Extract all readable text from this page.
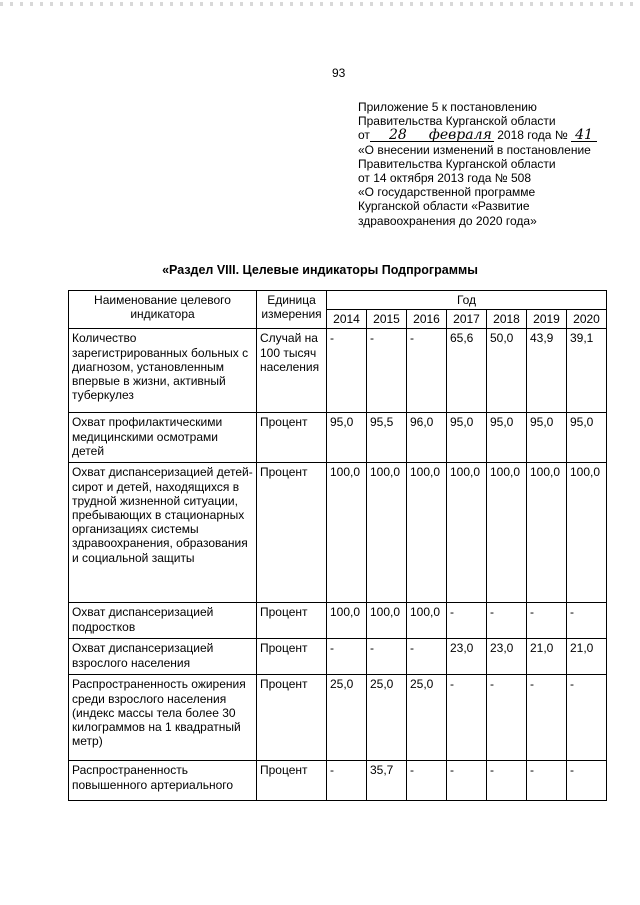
93
Приложение 5 к постановлению
Правительства Курганской области
от 28 февраля 2018 года № 41
«О внесении изменений в постановление
Правительства Курганской области
от 14 октября 2013 года № 508
«О государственной программе
Курганской области «Развитие
здравоохранения до 2020 года»
«Раздел VIII. Целевые индикаторы Подпрограммы
Наименование целевого индикатора	Единица измерения	Год						
		2014	2015	2016	2017	2018	2019	2020
Количество зарегистрированных больных с диагнозом, установленным впервые в жизни, активный туберкулез	Случай на 100 тысяч населения	-	-	-	65,6	50,0	43,9	39,1
Охват профилактическими медицинскими осмотрами детей	Процент	95,0	95,5	96,0	95,0	95,0	95,0	95,0
Охват диспансеризацией детей-сирот и детей, находящихся в трудной жизненной ситуации, пребывающих в стационарных организациях системы здравоохранения, образования и социальной защиты	Процент	100,0	100,0	100,0	100,0	100,0	100,0	100,0
Охват диспансеризацией подростков	Процент	100,0	100,0	100,0	-	-	-	-
Охват диспансеризацией взрослого населения	Процент	-	-	-	23,0	23,0	21,0	21,0
Распространенность ожирения среди взрослого населения (индекс массы тела более 30 килограммов на 1 квадратный метр)	Процент	25,0	25,0	25,0	-	-	-	-
Распространенность повышенного артериального	Процент	-	35,7	-	-	-	-	-
